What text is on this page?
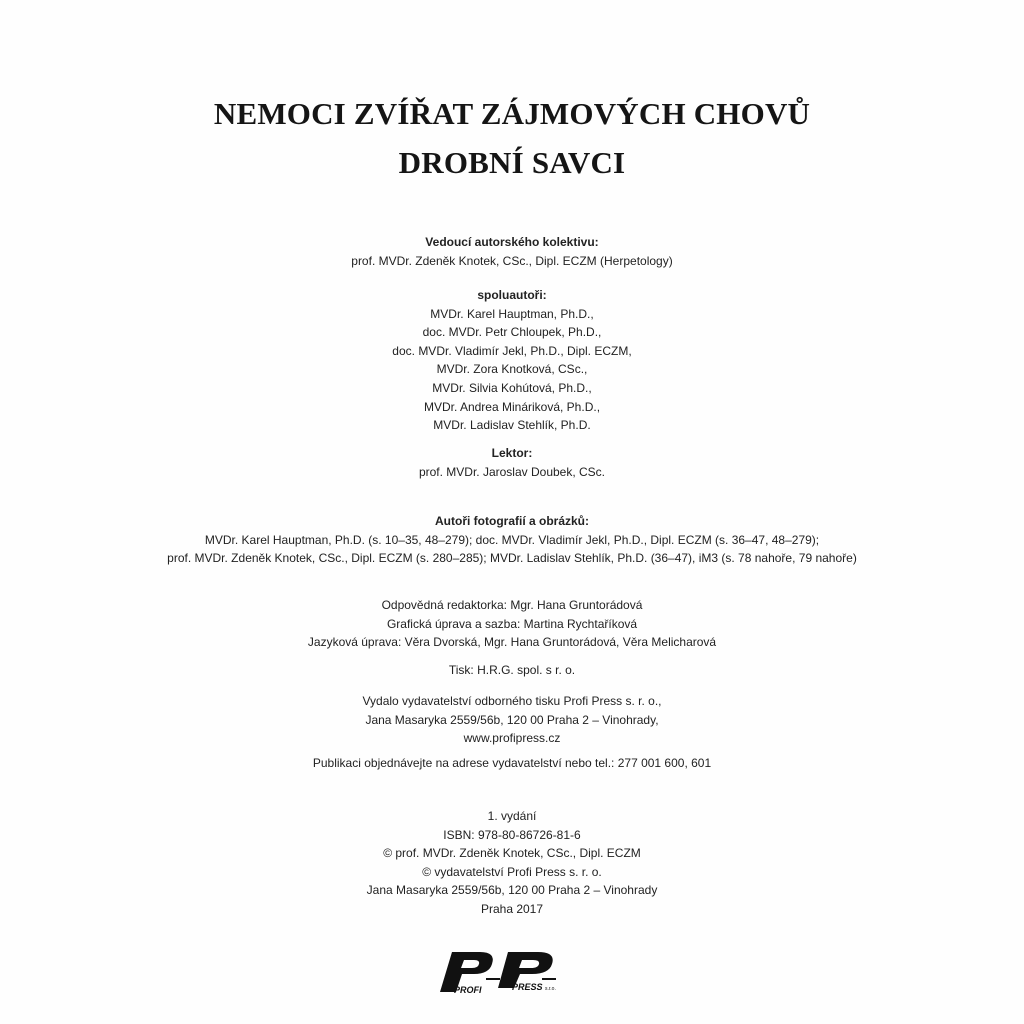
NEMOCI ZVÍŘAT ZÁJMOVÝCH CHOVŮ
DROBNÍ SAVCI
Vedoucí autorského kolektivu:
prof. MVDr. Zdeněk Knotek, CSc., Dipl. ECZM (Herpetology)
spoluautoři:
MVDr. Karel Hauptman, Ph.D.,
doc. MVDr. Petr Chloupek, Ph.D.,
doc. MVDr. Vladimír Jekl, Ph.D., Dipl. ECZM,
MVDr. Zora Knotková, CSc.,
MVDr. Silvia Kohútová, Ph.D.,
MVDr. Andrea Mináriková, Ph.D.,
MVDr. Ladislav Stehlík, Ph.D.
Lektor:
prof. MVDr. Jaroslav Doubek, CSc.
Autoři fotografií a obrázků:
MVDr. Karel Hauptman, Ph.D. (s. 10–35, 48–279); doc. MVDr. Vladimír Jekl, Ph.D., Dipl. ECZM (s. 36–47, 48–279);
prof. MVDr. Zdeněk Knotek, CSc., Dipl. ECZM (s. 280–285); MVDr. Ladislav Stehlík, Ph.D. (36–47), iM3 (s. 78 nahoře, 79 nahoře)
Odpovědná redaktorka: Mgr. Hana Gruntorádová
Grafická úprava a sazba: Martina Rychtaříková
Jazyková úprava: Věra Dvorská, Mgr. Hana Gruntorádová, Věra Melicharová
Tisk: H.R.G. spol. s r. o.
Vydalo vydavatelství odborného tisku Profi Press s. r. o.,
Jana Masaryka 2559/56b, 120 00 Praha 2 – Vinohrady,
www.profipress.cz
Publikaci objednávejte na adrese vydavatelství nebo tel.: 277 001 600, 601
1. vydání
ISBN: 978-80-86726-81-6
© prof. MVDr. Zdeněk Knotek, CSc., Dipl. ECZM
© vydavatelství Profi Press s. r. o.
Jana Masaryka 2559/56b, 120 00 Praha 2 – Vinohrady
Praha 2017
PROFI	PRESS s.r.o.
